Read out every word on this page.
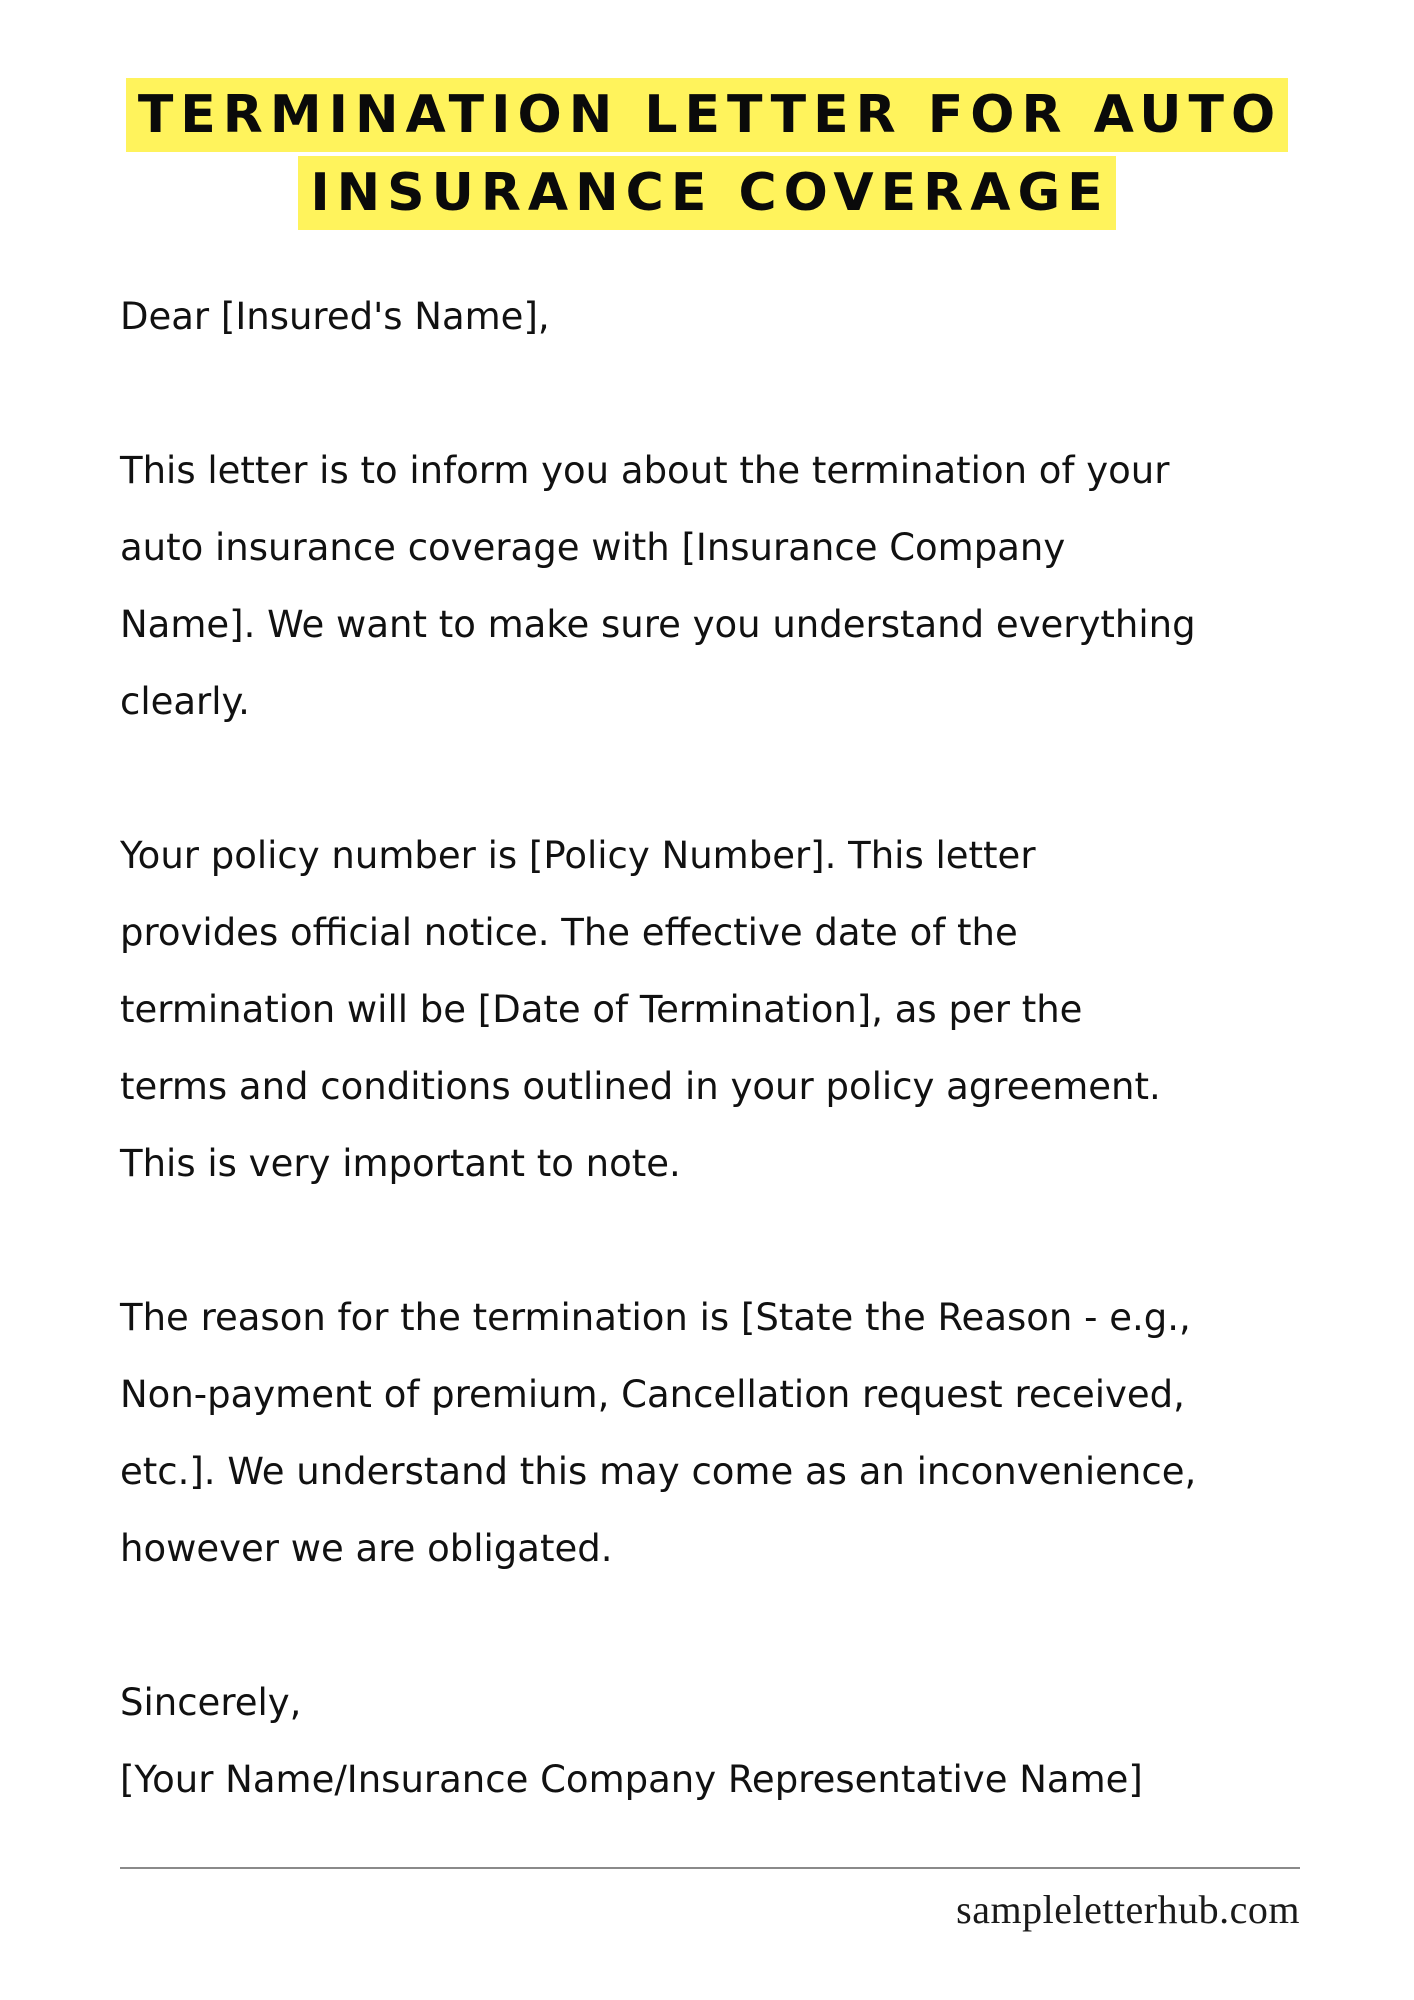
TERMINATION LETTER FOR AUTO
INSURANCE COVERAGE

Dear [Insured's Name],

This letter is to inform you about the termination of your
auto insurance coverage with [Insurance Company
Name]. We want to make sure you understand everything
clearly.

Your policy number is [Policy Number]. This letter
provides official notice. The effective date of the
termination will be [Date of Termination], as per the
terms and conditions outlined in your policy agreement.
This is very important to note.

The reason for the termination is [State the Reason - e.g.,
Non-payment of premium, Cancellation request received,
etc.]. We understand this may come as an inconvenience,
however we are obligated.

Sincerely,

[Your Name/Insurance Company Representative Name]

sampleletterhub.com
